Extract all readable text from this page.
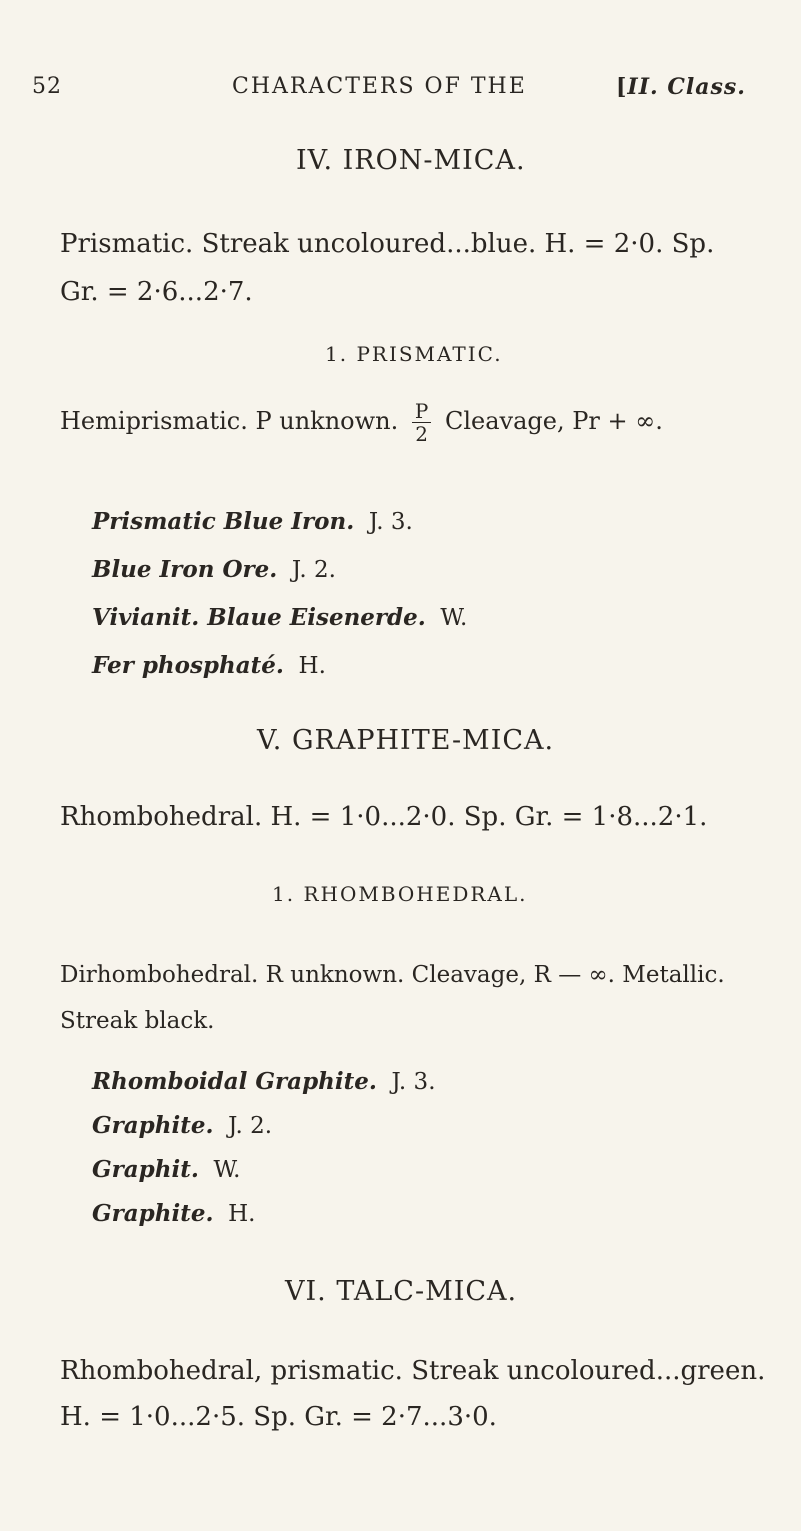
52	CHARACTERS OF THE	[II. Class.
IV. IRON-MICA.
Prismatic. Streak uncoloured...blue. H. = 2·0. Sp.
Gr. = 2·6...2·7.
1. PRISMATIC.
Hemiprismatic. P unknown. $\frac{P}{2}$ Cleavage, Pr + ∞.
Prismatic Blue Iron. J. 3.
Blue Iron Ore. J. 2.
Vivianit. Blaue Eisenerde. W.
Fer phosphaté. H.
V. GRAPHITE-MICA.
Rhombohedral. H. = 1·0...2·0. Sp. Gr. = 1·8...2·1.
1. RHOMBOHEDRAL.
Dirhombohedral. R unknown. Cleavage, R — ∞. Metallic.
Streak black.
Rhomboidal Graphite. J. 3.
Graphite. J. 2.
Graphit. W.
Graphite. H.
VI. TALC-MICA.
Rhombohedral, prismatic. Streak uncoloured...green.
H. = 1·0...2·5. Sp. Gr. = 2·7...3·0.
